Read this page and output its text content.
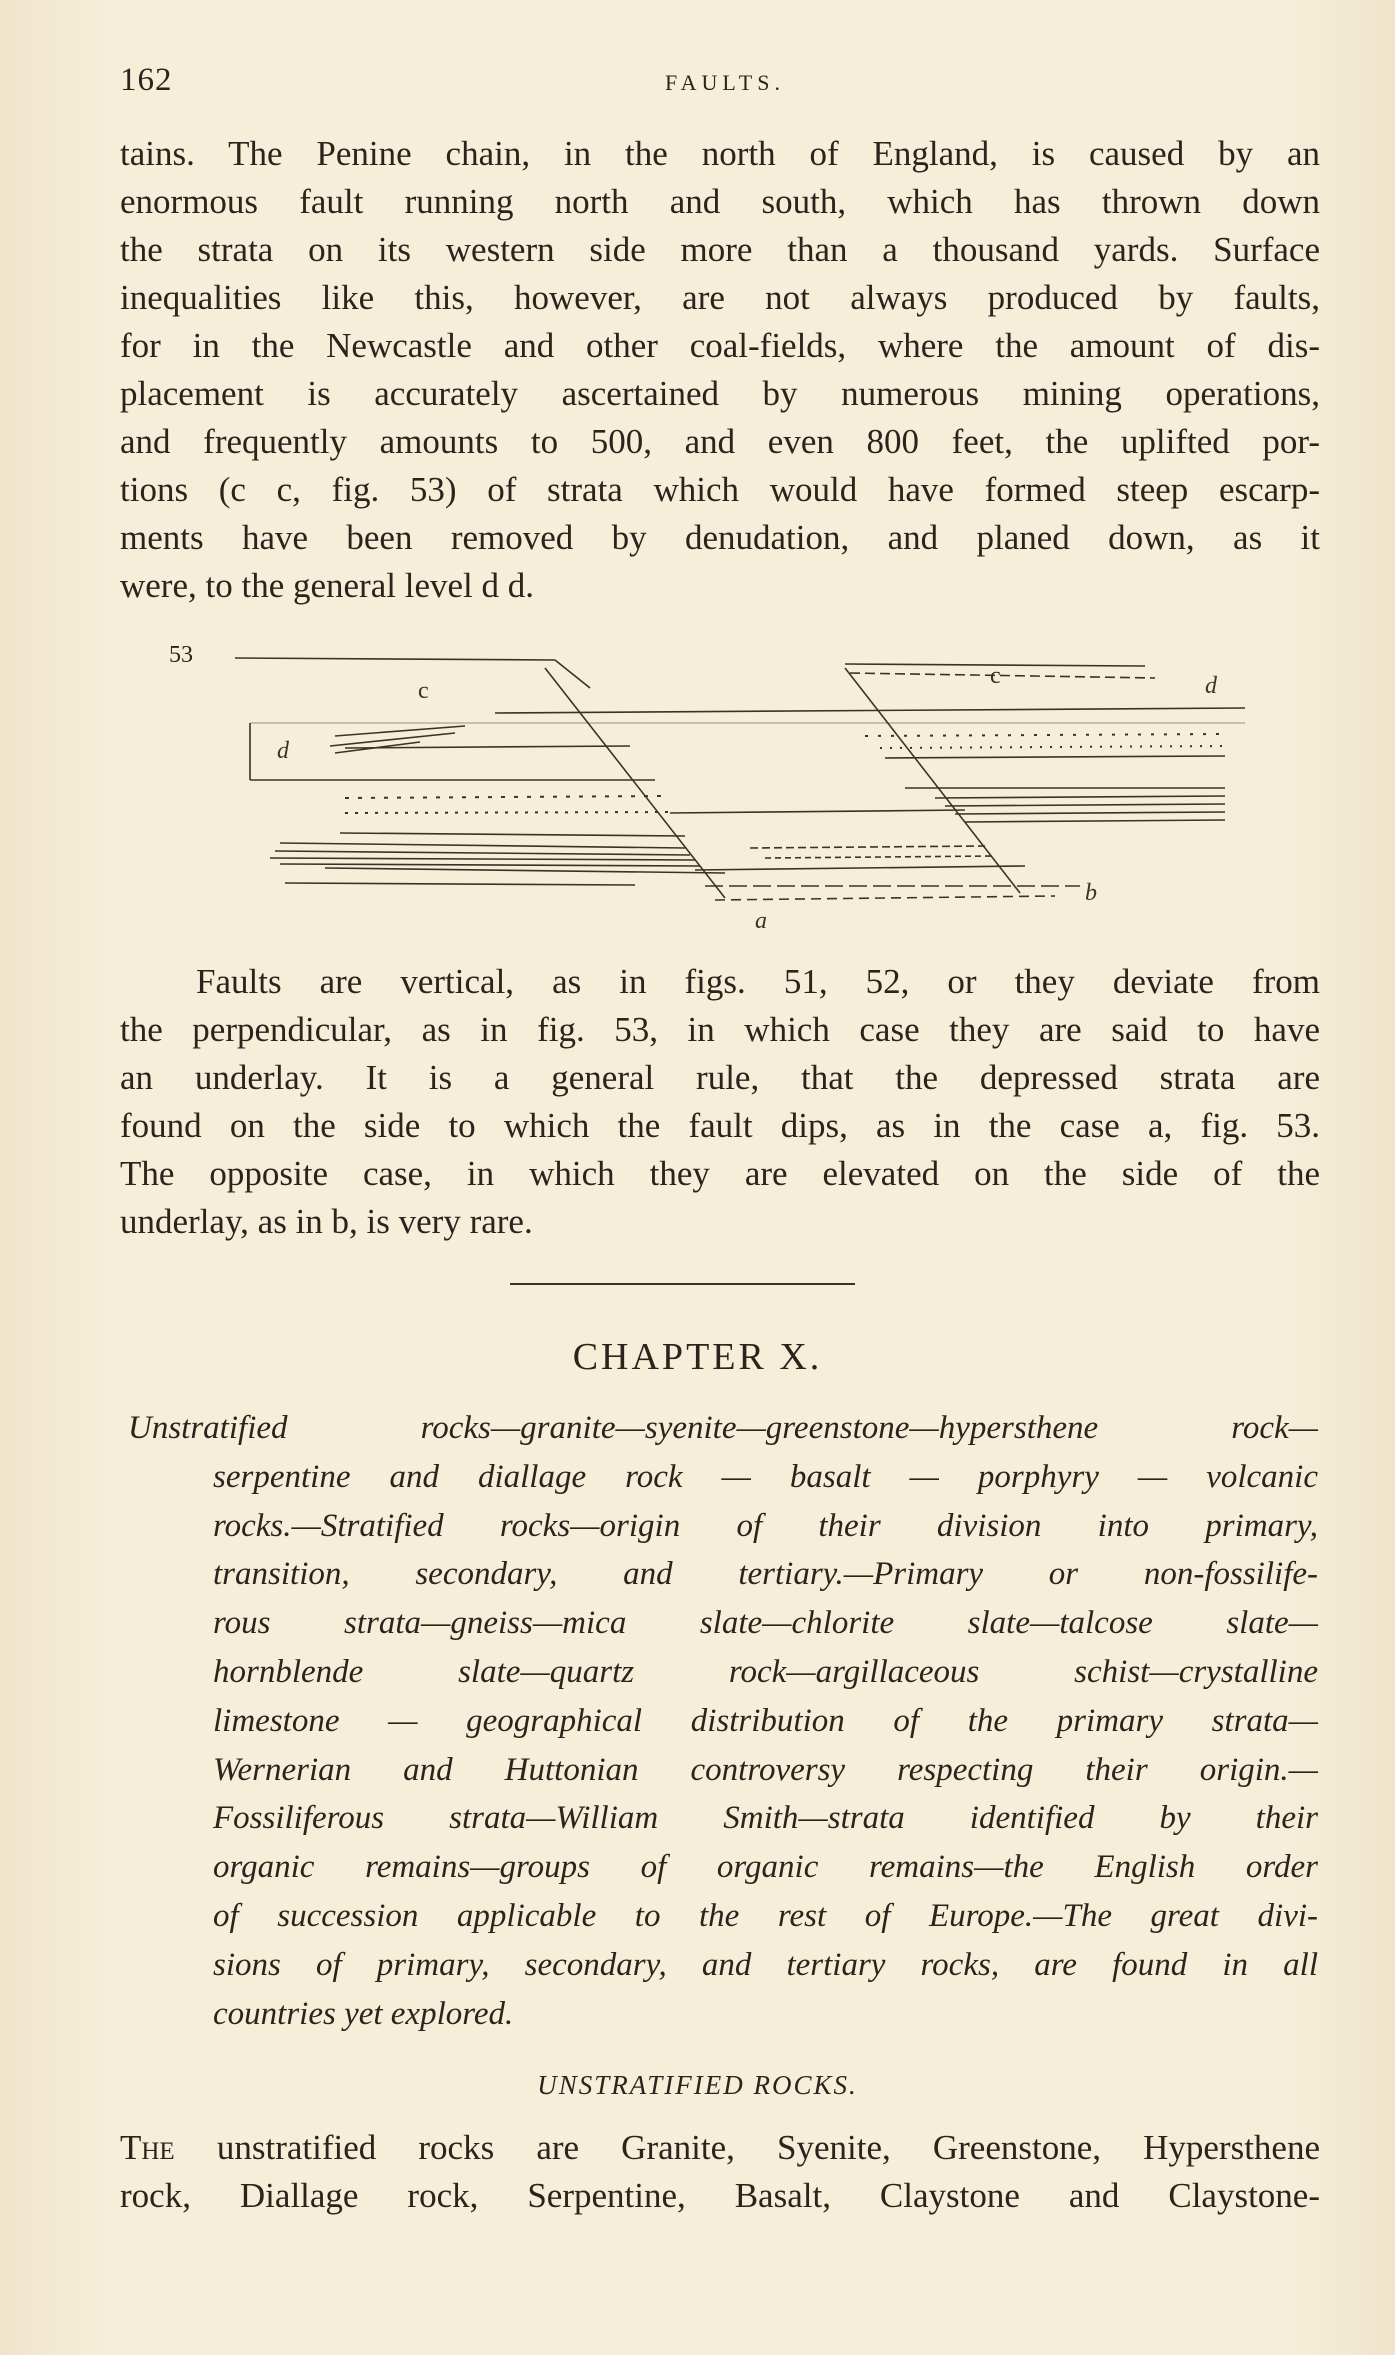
162	FAULTS.
tains. The Penine chain, in the north of England, is caused by an
enormous fault running north and south, which has thrown down
the strata on its western side more than a thousand yards. Surface
inequalities like this, however, are not always produced by faults,
for in the Newcastle and other coal-fields, where the amount of dis-
placement is accurately ascertained by numerous mining operations,
and frequently amounts to 500, and even 800 feet, the uplifted por-
tions (c c, fig. 53) of strata which would have formed steep escarp-
ments have been removed by denudation, and planed down, as it
were, to the general level d d.
53
c
c
d
d
a
b
Faults are vertical, as in figs. 51, 52, or they deviate from
the perpendicular, as in fig. 53, in which case they are said to have
an underlay. It is a general rule, that the depressed strata are
found on the side to which the fault dips, as in the case a, fig. 53.
The opposite case, in which they are elevated on the side of the
underlay, as in b, is very rare.
CHAPTER X.
Unstratified rocks—granite—syenite—greenstone—hypersthene rock—
serpentine and diallage rock — basalt — porphyry — volcanic
rocks.—Stratified rocks—origin of their division into primary,
transition, secondary, and tertiary.—Primary or non-fossilife-
rous strata—gneiss—mica slate—chlorite slate—talcose slate—
hornblende slate—quartz rock—argillaceous schist—crystalline
limestone — geographical distribution of the primary strata—
Wernerian and Huttonian controversy respecting their origin.—
Fossiliferous strata—William Smith—strata identified by their
organic remains—groups of organic remains—the English order
of succession applicable to the rest of Europe.—The great divi-
sions of primary, secondary, and tertiary rocks, are found in all
countries yet explored.
UNSTRATIFIED ROCKS.
The unstratified rocks are Granite, Syenite, Greenstone, Hypersthene
rock, Diallage rock, Serpentine, Basalt, Claystone and Claystone-
